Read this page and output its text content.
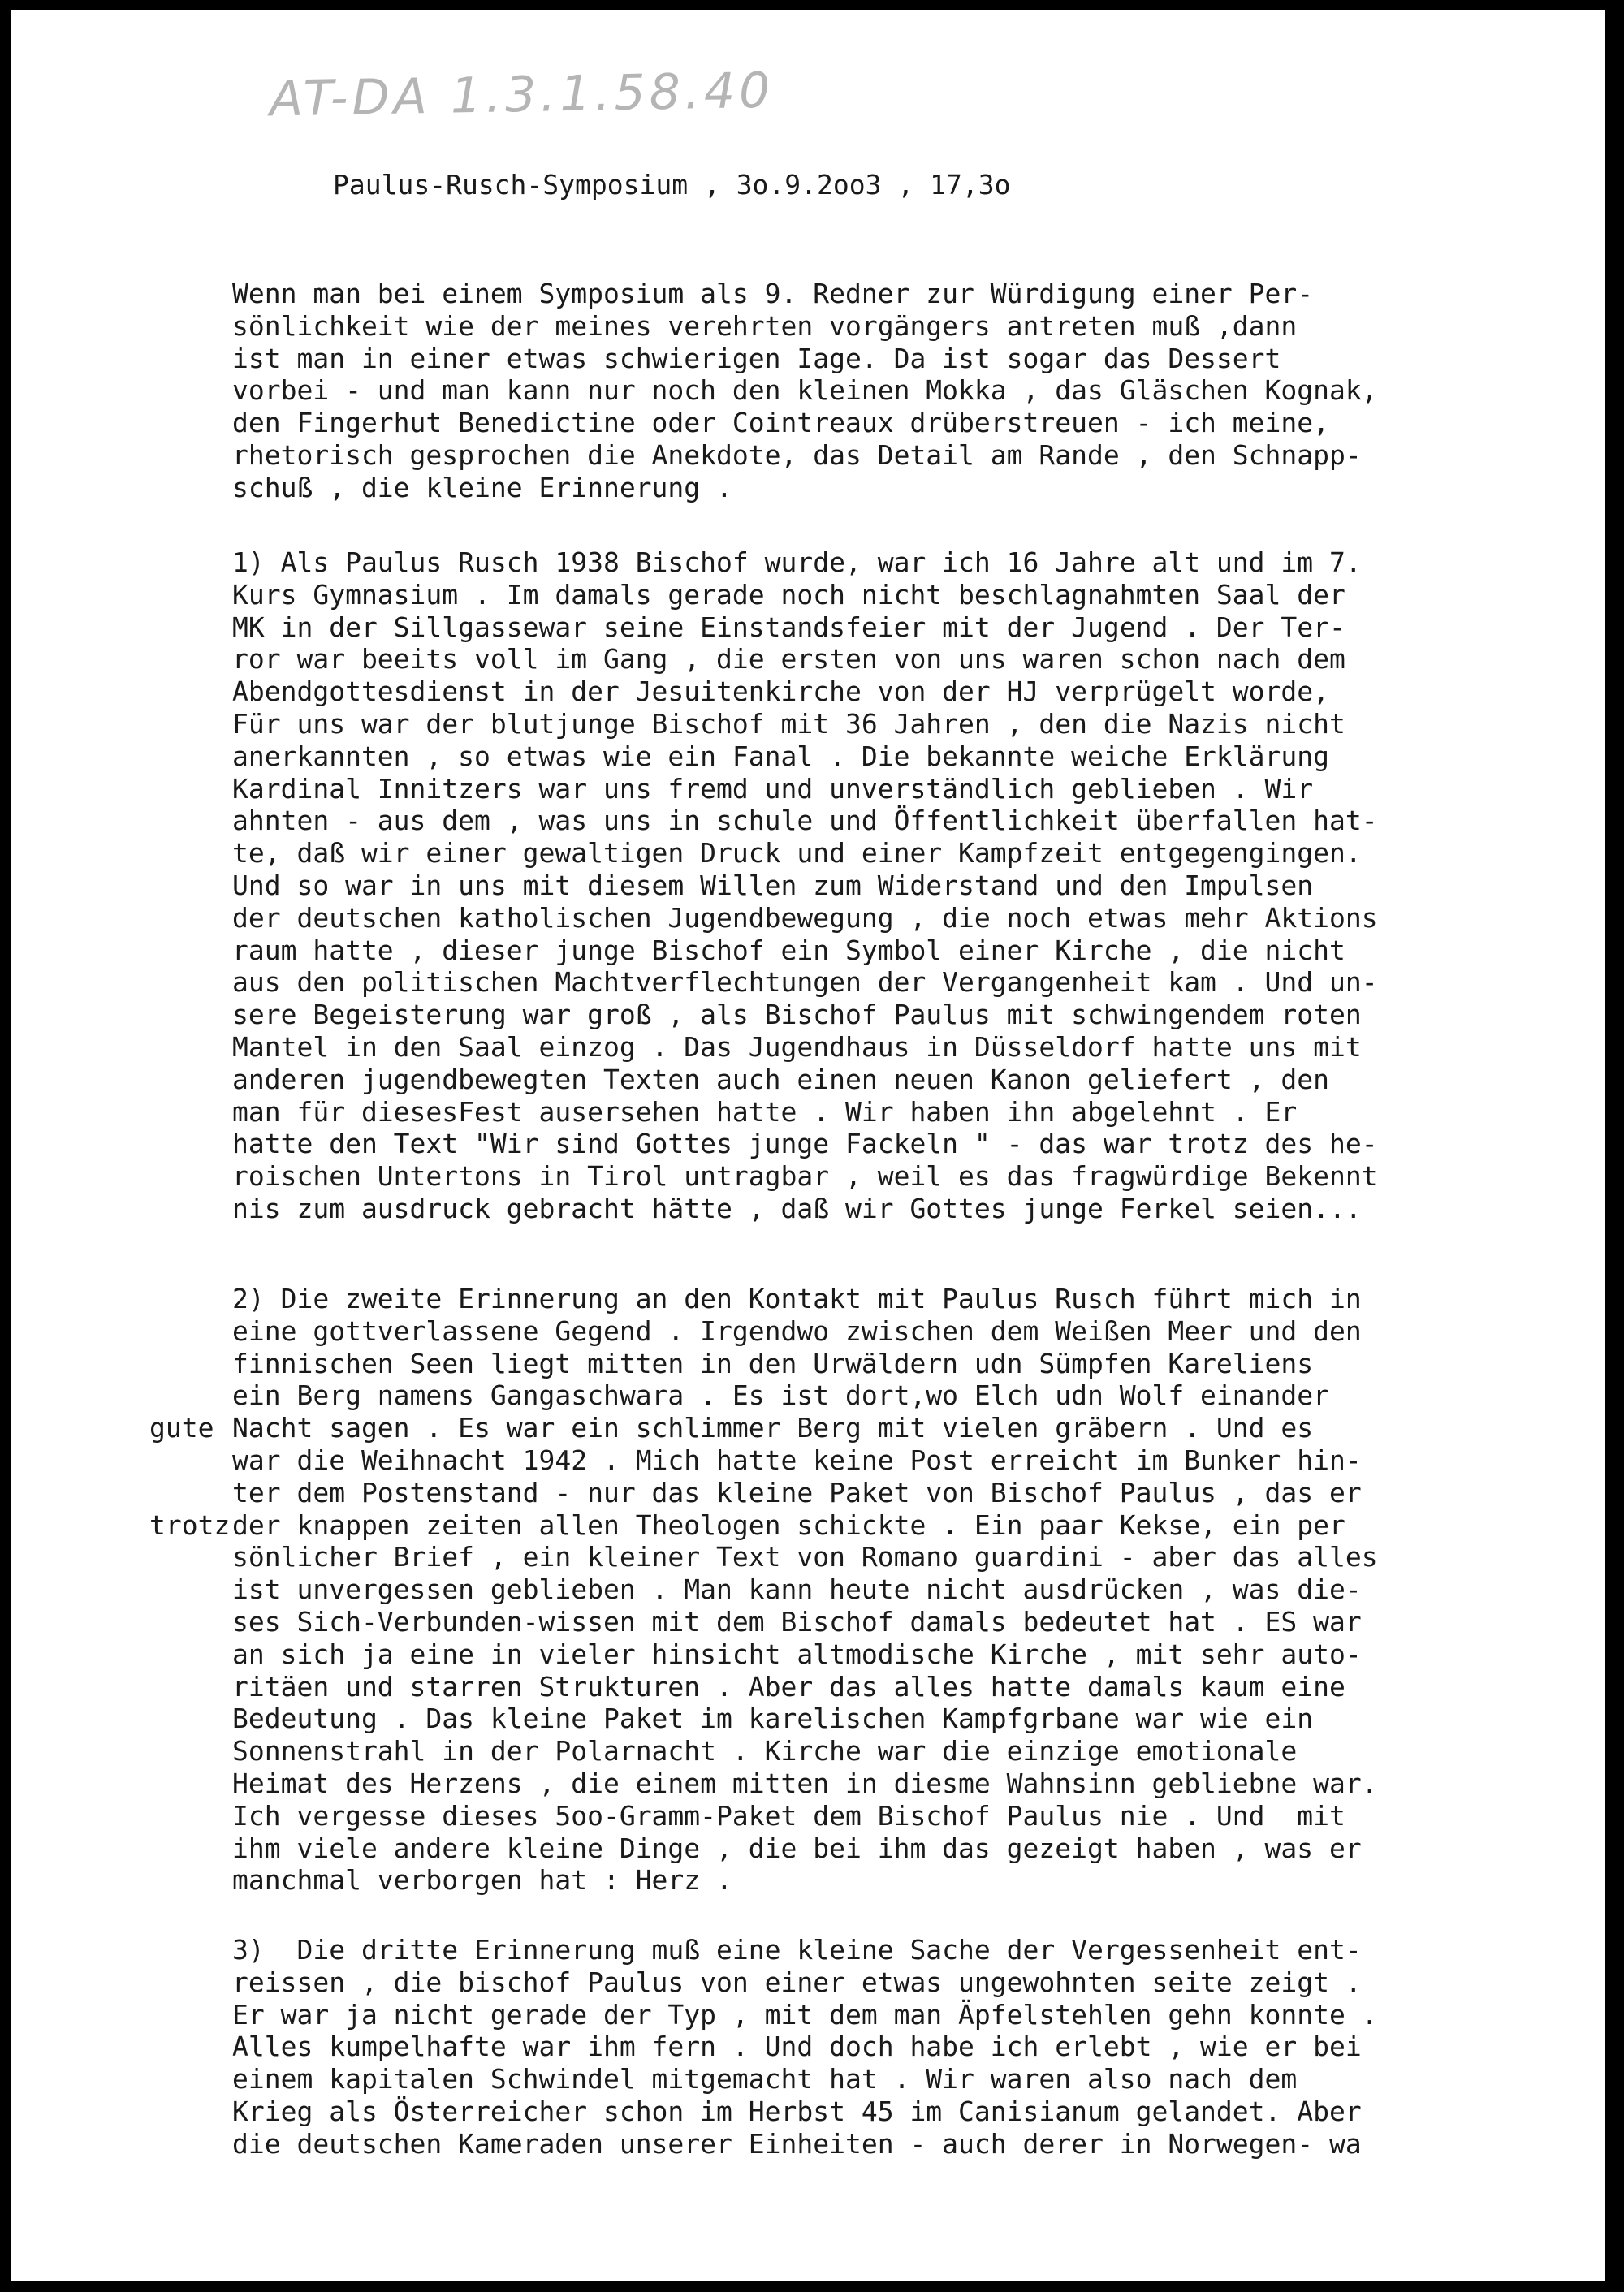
AT-DA 1.3.1.58.40
Paulus-Rusch-Symposium , 3o.9.2oo3 , 17,3o
Wenn man bei einem Symposium als 9. Redner zur Würdigung einer Per-
sönlichkeit wie der meines verehrten vorgängers antreten muß ,dann
ist man in einer etwas schwierigen Iage. Da ist sogar das Dessert
vorbei - und man kann nur noch den kleinen Mokka , das Gläschen Kognak,
den Fingerhut Benedictine oder Cointreaux drüberstreuen - ich meine,
rhetorisch gesprochen die Anekdote, das Detail am Rande , den Schnapp-
schuß , die kleine Erinnerung .
1) Als Paulus Rusch 1938 Bischof wurde, war ich 16 Jahre alt und im 7.
Kurs Gymnasium . Im damals gerade noch nicht beschlagnahmten Saal der
MK in der Sillgassewar seine Einstandsfeier mit der Jugend . Der Ter-
ror war beeits voll im Gang , die ersten von uns waren schon nach dem
Abendgottesdienst in der Jesuitenkirche von der HJ verprügelt worde,
Für uns war der blutjunge Bischof mit 36 Jahren , den die Nazis nicht
anerkannten , so etwas wie ein Fanal . Die bekannte weiche Erklärung
Kardinal Innitzers war uns fremd und unverständlich geblieben . Wir
ahnten - aus dem , was uns in schule und Öffentlichkeit überfallen hat-
te, daß wir einer gewaltigen Druck und einer Kampfzeit entgegengingen.
Und so war in uns mit diesem Willen zum Widerstand und den Impulsen
der deutschen katholischen Jugendbewegung , die noch etwas mehr Aktions
raum hatte , dieser junge Bischof ein Symbol einer Kirche , die nicht
aus den politischen Machtverflechtungen der Vergangenheit kam . Und un-
sere Begeisterung war groß , als Bischof Paulus mit schwingendem roten
Mantel in den Saal einzog . Das Jugendhaus in Düsseldorf hatte uns mit
anderen jugendbewegten Texten auch einen neuen Kanon geliefert , den
man für diesesFest ausersehen hatte . Wir haben ihn abgelehnt . Er
hatte den Text "Wir sind Gottes junge Fackeln " - das war trotz des he-
roischen Untertons in Tirol untragbar , weil es das fragwürdige Bekennt
nis zum ausdruck gebracht hätte , daß wir Gottes junge Ferkel seien...
2) Die zweite Erinnerung an den Kontakt mit Paulus Rusch führt mich in
eine gottverlassene Gegend . Irgendwo zwischen dem Weißen Meer und den
finnischen Seen liegt mitten in den Urwäldern udn Sümpfen Kareliens
ein Berg namens Gangaschwara . Es ist dort,wo Elch udn Wolf einander
Nacht sagen . Es war ein schlimmer Berg mit vielen gräbern . Und es
war die Weihnacht 1942 . Mich hatte keine Post erreicht im Bunker hin-
ter dem Postenstand - nur das kleine Paket von Bischof Paulus , das er
der knappen zeiten allen Theologen schickte . Ein paar Kekse, ein per
sönlicher Brief , ein kleiner Text von Romano guardini - aber das alles
ist unvergessen geblieben . Man kann heute nicht ausdrücken , was die-
ses Sich-Verbunden-wissen mit dem Bischof damals bedeutet hat . ES war
an sich ja eine in vieler hinsicht altmodische Kirche , mit sehr auto-
ritäen und starren Strukturen . Aber das alles hatte damals kaum eine
Bedeutung . Das kleine Paket im karelischen Kampfgrbane war wie ein
Sonnenstrahl in der Polarnacht . Kirche war die einzige emotionale
Heimat des Herzens , die einem mitten in diesme Wahnsinn gebliebne war.
Ich vergesse dieses 5oo-Gramm-Paket dem Bischof Paulus nie . Und  mit
ihm viele andere kleine Dinge , die bei ihm das gezeigt haben , was er
manchmal verborgen hat : Herz .
3)  Die dritte Erinnerung muß eine kleine Sache der Vergessenheit ent-
reissen , die bischof Paulus von einer etwas ungewohnten seite zeigt .
Er war ja nicht gerade der Typ , mit dem man Äpfelstehlen gehn konnte .
Alles kumpelhafte war ihm fern . Und doch habe ich erlebt , wie er bei
einem kapitalen Schwindel mitgemacht hat . Wir waren also nach dem
Krieg als Österreicher schon im Herbst 45 im Canisianum gelandet. Aber
die deutschen Kameraden unserer Einheiten - auch derer in Norwegen- wa
gute
trotz
